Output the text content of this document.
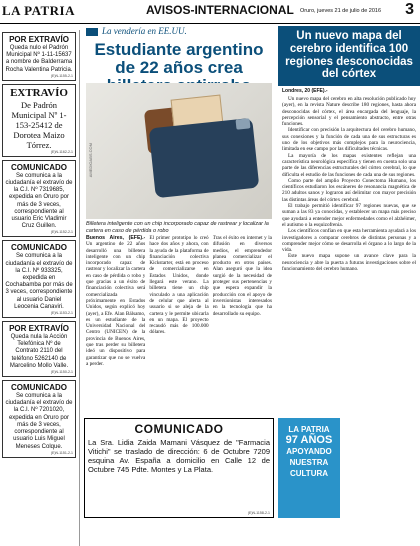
LA PATRIA	AVISOS-INTERNACIONAL Oruro, jueves 21 de julio de 2016 3
POR EXTRAVÍO
Queda nulo el Padrón Municipal Nº 1-11-15637 a nombre de Balderrama Rocha Valentina Patricia.
(E)N-1155-2-1
EXTRAVÍO
De Padrón Municipal Nº 1-153-25412 de Dorotea Maizo Tórrez.
(E)N-1162-2-1
COMUNICADO
Se comunica a la ciudadanía el extravío de la C.I. Nº 7319685, expedida en Oruro por más de 3 veces, correspondiente al usuario Eric Vladimir Cruz Guillen.
(E)N-1152-2-1
COMUNICADO
Se comunica a la ciudadanía el extravío de la C.I. Nº 933325, expedida en Cochabamba por más de 3 veces, correspondiente al usuario Daniel Leocenia Canaviri.
(E)N-1153-2-1
POR EXTRAVÍO
Queda nula la Acción Telefónica Nº de Contrato 2110 del teléfono 5262140 de Marcelino Mollo Valle.
(E)N-1150-2-1
COMUNICADO
Se comunica a la ciudadanía el extravío de la C.I. Nº 7201020, expedida en Oruro por más de 3 veces, correspondiente al usuario Luis Miguel Meneses Colque.
(E)N-1151-2-1
La vendería en EE.UU.
Estudiante argentino de 22 años crea
AMEDIOABS.COM
Billetera inteligente con un chip incorporado capaz de rastrear y localizar la cartera en caso de pérdida o robo
Buenos Aires, (EFE).- Un argentino de 22 años desarrolló una billetera inteligente con un chip incorporado capaz de rastrear y localizar la cartera en caso de pérdida o robo y que gracias a un éxito de financiación colectiva será comercializada próximamente en Estados Unidos, según explicó hoy (ayer), a Efe. Alan Bálsamo, es un estudiante de la Universidad Nacional del Centro (UNICEN) de la provincia de Buenos Aires, que tras perder su billetera ideó un dispositivo para garantizar que no se vuelva a perder.
El primer prototipo lo creó hace dos años y ahora, con la ayuda de la plataforma de financiación colectiva Kickstarter, está en proceso de comercializarse en Estados Unidos, donde llegará este verano. La billetera tiene un chip vinculado a una aplicación de celular que alerta al usuario si se aleja de la cartera y le permite ubicarla en un mapa. El proyecto recaudó más de 100.000 dólares.
Tras el éxito en internet y la difusión en diversos medios, el emprendedor planea comercializar el producto en otros países. Alan aseguró que la idea surgió de la necesidad de proteger sus pertenencias y que espera expandir la producción con el apoyo de inversionistas interesados en la tecnología que ha desarrollado su equipo.
Un nuevo mapa del cerebro identifica 100 regiones desconocidas del córtex
Londres, 20 (EFE).-

Un nuevo mapa del cerebro en alta resolución publicado hoy (ayer), en la revista Nature describe 180 regiones, hasta ahora desconocidas del córtex, el área encargada del lenguaje, la percepción sensorial y el pensamiento abstracto, entre otras funciones.

Identificar con precisión la arquitectura del cerebro humano, sus conexiones y la función de cada una de sus estructuras es uno de los objetivos más complejos para la neurociencia, limitada en ese campo por las dificultades técnicas.

La mayoría de los mapas existentes reflejan una característica neurológica específica y tienen en cuenta solo una parte de las diferencias estructurales del córtex cerebral, lo que dificulta el estudio de las funciones de cada una de sus regiones.

Como parte del amplio Proyecto Conectoma Humano, los científicos estudiaron los escáneres de resonancia magnética de 210 adultos sanos y lograron así delimitar con mayor precisión las distintas áreas del córtex cerebral.

El trabajo permitió identificar 97 regiones nuevas, que se suman a las 83 ya conocidas, y establecer un mapa más preciso que ayudará a entender mejor enfermedades como el alzhéimer, el autismo o la esquizofrenia.

Los científicos confían en que esta herramienta ayudará a los investigadores a comparar cerebros de distintas personas y a comprender mejor cómo se desarrolla el órgano a lo largo de la vida.

Este nuevo mapa supone un avance clave para la neurociencia y abre la puerta a futuras investigaciones sobre el funcionamiento del cerebro humano.

COMUNICADO
La Sra. Lidia Zaida Mamani Vásquez de "Farmacia Vitichi" se traslado de dirección: 6 de Octubre 7209 esquina Av. España a domicilio en Calle 12 de Octubre 745 Pdte. Montes y La Plata.
(E)N-1158-2-1
LA PATRIA
97 AÑOS
APOYANDO
NUESTRA
CULTURA
